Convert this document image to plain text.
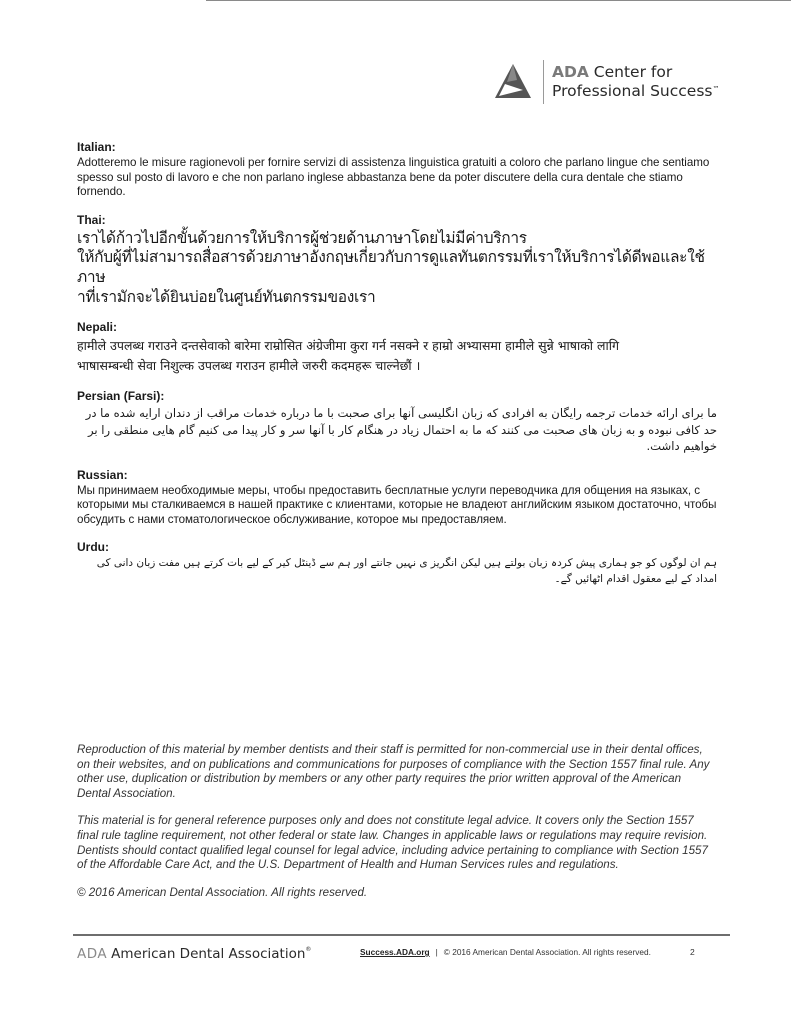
ADA Center for
Professional Success™
Italian:
Adotteremo le misure ragionevoli per fornire servizi di assistenza linguistica gratuiti a coloro che parlano lingue che sentiamo spesso sul posto di lavoro e che non parlano inglese abbastanza bene da poter discutere della cura dentale che stiamo fornendo.
Thai:
เราได้ก้าวไปอีกขั้นด้วยการให้บริการผู้ช่วยด้านภาษาโดยไม่มีค่าบริการ
ให้กับผู้ที่ไม่สามารถสื่อสารด้วยภาษาอังกฤษเกี่ยวกับการดูแลทันตกรรมที่เราให้บริการได้ดีพอและใช้ภาษ
าที่เรามักจะได้ยินบ่อยในศูนย์ทันตกรรมของเรา
Nepali:
हामीले उपलब्ध गराउने दन्तसेवाको बारेमा राम्रोसित अंग्रेजीमा कुरा गर्न नसक्ने र हाम्रो अभ्यासमा हामीले सुन्ने भाषाको लागि
भाषासम्बन्धी सेवा निशुल्क उपलब्ध गराउन हामीले जरुरी कदमहरू चाल्नेछौं ।
Persian (Farsi):
ما برای ارائه خدمات ترجمه رایگان به افرادی که زبان انگلیسی آنها برای صحبت با ما درباره خدمات مراقب از دندان ارایه شده ما در حد کافی نبوده و به زبان های صحبت می کنند که ما به احتمال زیاد در هنگام کار با آنها سر و کار پیدا می کنیم گام هایی منطقی را بر خواهیم داشت.
Russian:
Мы принимаем необходимые меры, чтобы предоставить бесплатные услуги переводчика для общения на языках, с которыми мы сталкиваемся в нашей практике с клиентами, которые не владеют английским языком достаточно, чтобы обсудить с нами стоматологическое обслуживание, которое мы предоставляем.
Urdu:
ہم ان لوگوں کو جو ہماری پیش کردہ زبان بولتے ہیں لیکن انگریز ی نہیں جانتے اور ہم سے ڈینٹل کیر کے لیے بات کرتے ہیں مفت زبان دانی کی امداد کے لیے معقول اقدام اٹھائیں گے۔

Reproduction of this material by member dentists and their staff is permitted for non-commercial use in their dental offices, on their websites, and on publications and communications for purposes of compliance with the Section 1557 final rule. Any other use, duplication or distribution by members or any other party requires the prior written approval of the American Dental Association.

This material is for general reference purposes only and does not constitute legal advice. It covers only the Section 1557 final rule tagline requirement, not other federal or state law. Changes in applicable laws or regulations may require revision. Dentists should contact qualified legal counsel for legal advice, including advice pertaining to compliance with Section 1557 of the Affordable Care Act, and the U.S. Department of Health and Human Services rules and regulations.

© 2016 American Dental Association. All rights reserved.

ADA American Dental Association®	Success.ADA.org | © 2016 American Dental Association. All rights reserved.	2
